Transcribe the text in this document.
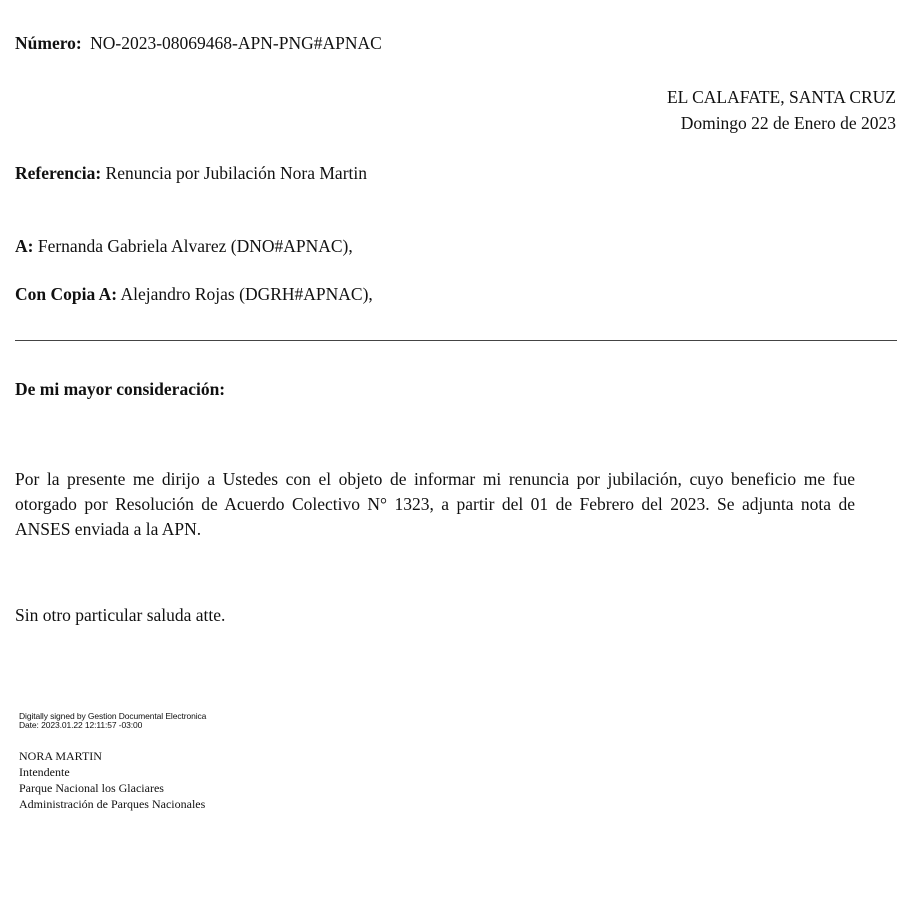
Número: NO-2023-08069468-APN-PNG#APNAC
EL CALAFATE, SANTA CRUZ
Domingo 22 de Enero de 2023
Referencia: Renuncia por Jubilación Nora Martin
A: Fernanda Gabriela Alvarez (DNO#APNAC),
Con Copia A: Alejandro Rojas (DGRH#APNAC),
De mi mayor consideración:
Por la presente me dirijo a Ustedes con el objeto de informar mi renuncia por jubilación, cuyo beneficio me fue otorgado por Resolución de Acuerdo Colectivo N° 1323, a partir del 01 de Febrero del 2023. Se adjunta nota de ANSES enviada a la APN.
Sin otro particular saluda atte.
Digitally signed by Gestion Documental Electronica
Date: 2023.01.22 12:11:57 -03:00
NORA MARTIN
Intendente
Parque Nacional los Glaciares
Administración de Parques Nacionales
